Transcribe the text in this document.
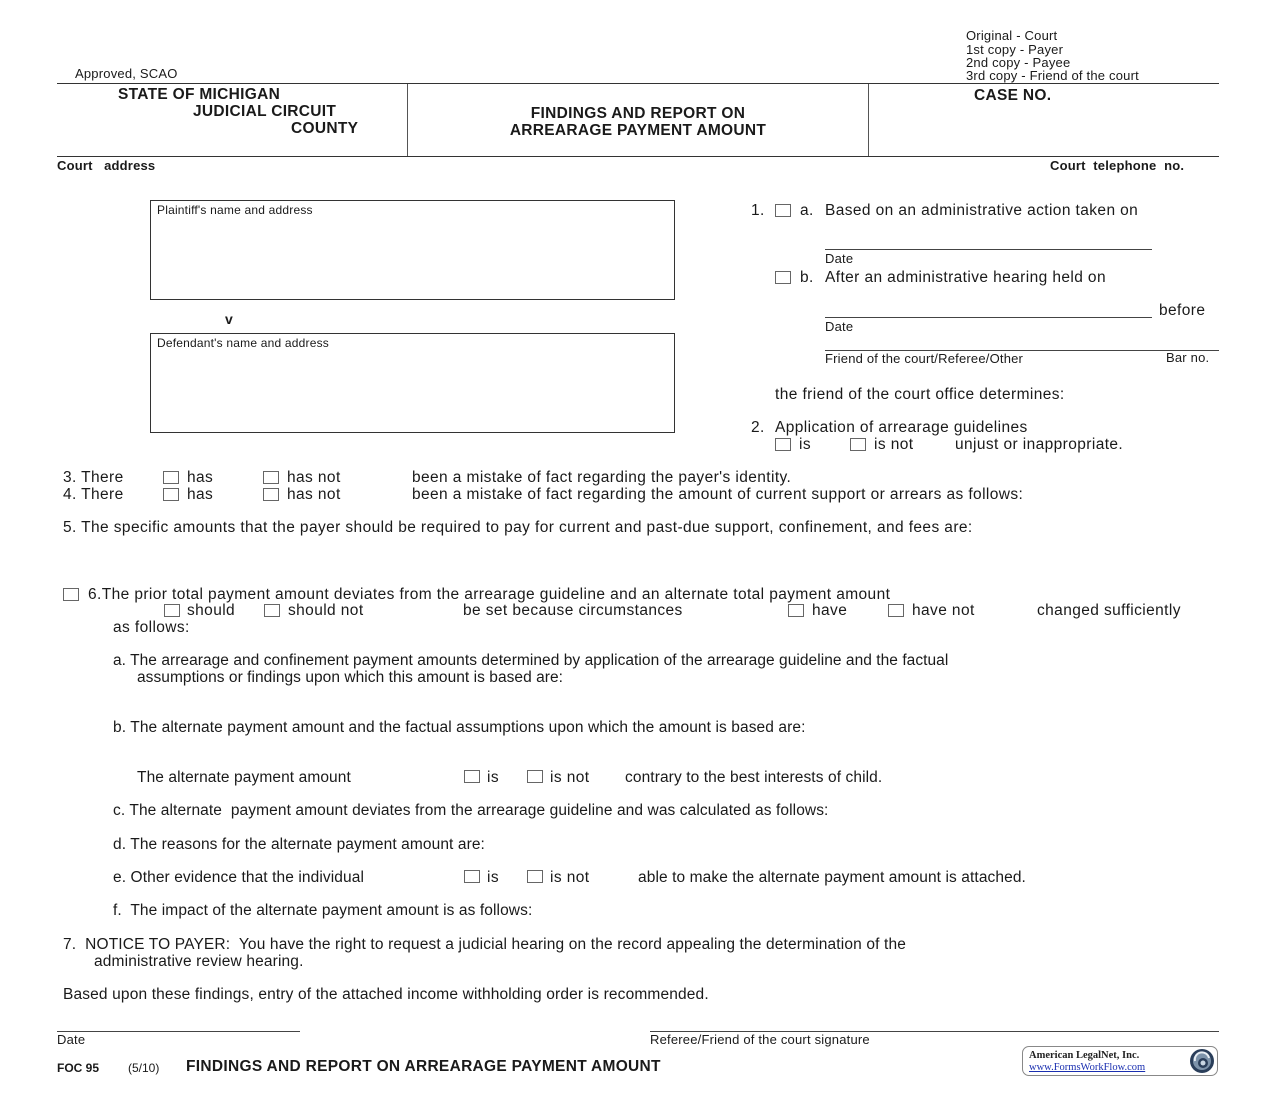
Approved, SCAO
Original - Court
1st copy - Payer
2nd copy - Payee
3rd copy - Friend of the court
STATE OF MICHIGAN
JUDICIAL CIRCUIT
COUNTY
FINDINGS AND REPORT ON
ARREARAGE PAYMENT AMOUNT
CASE NO.
Court   address	Court  telephone  no.
Plaintiff's name and address
v
Defendant's name and address
1. a. Based on an administrative action taken on
Date
b. After an administrative hearing held on
before
Date
Friend of the court/Referee/Other	Bar no.
the friend of the court office determines:
2. Application of arrearage guidelines
is	is not	unjust or inappropriate.
3. There	has	has not	been a mistake of fact regarding the payer's identity.
4. There	has	has not	been a mistake of fact regarding the amount of current support or arrears as follows:
5. The specific amounts that the payer should be required to pay for current and past-due support, confinement, and fees are:
6.The prior total payment amount deviates from the arrearage guideline and an alternate total payment amount
should	should not	be set because circumstances	have	have not	changed sufficiently
as follows:
a. The arrearage and confinement payment amounts determined by application of the arrearage guideline and the factual
assumptions or findings upon which this amount is based are:
b. The alternate payment amount and the factual assumptions upon which the amount is based are:
The alternate payment amount	is	is not contrary to the best interests of child.
c. The alternate  payment amount deviates from the arrearage guideline and was calculated as follows:
d. The reasons for the alternate payment amount are:
e. Other evidence that the individual	is	is not	able to make the alternate payment amount is attached.
f.  The impact of the alternate payment amount is as follows:
7.  NOTICE TO PAYER:  You have the right to request a judicial hearing on the record appealing the determination of the
administrative review hearing.
Based upon these findings, entry of the attached income withholding order is recommended.
Date	Referee/Friend of the court signature
FOC 95 (5/10) FINDINGS AND REPORT ON ARREARAGE PAYMENT AMOUNT
American LegalNet, Inc.
www.FormsWorkFlow.com
